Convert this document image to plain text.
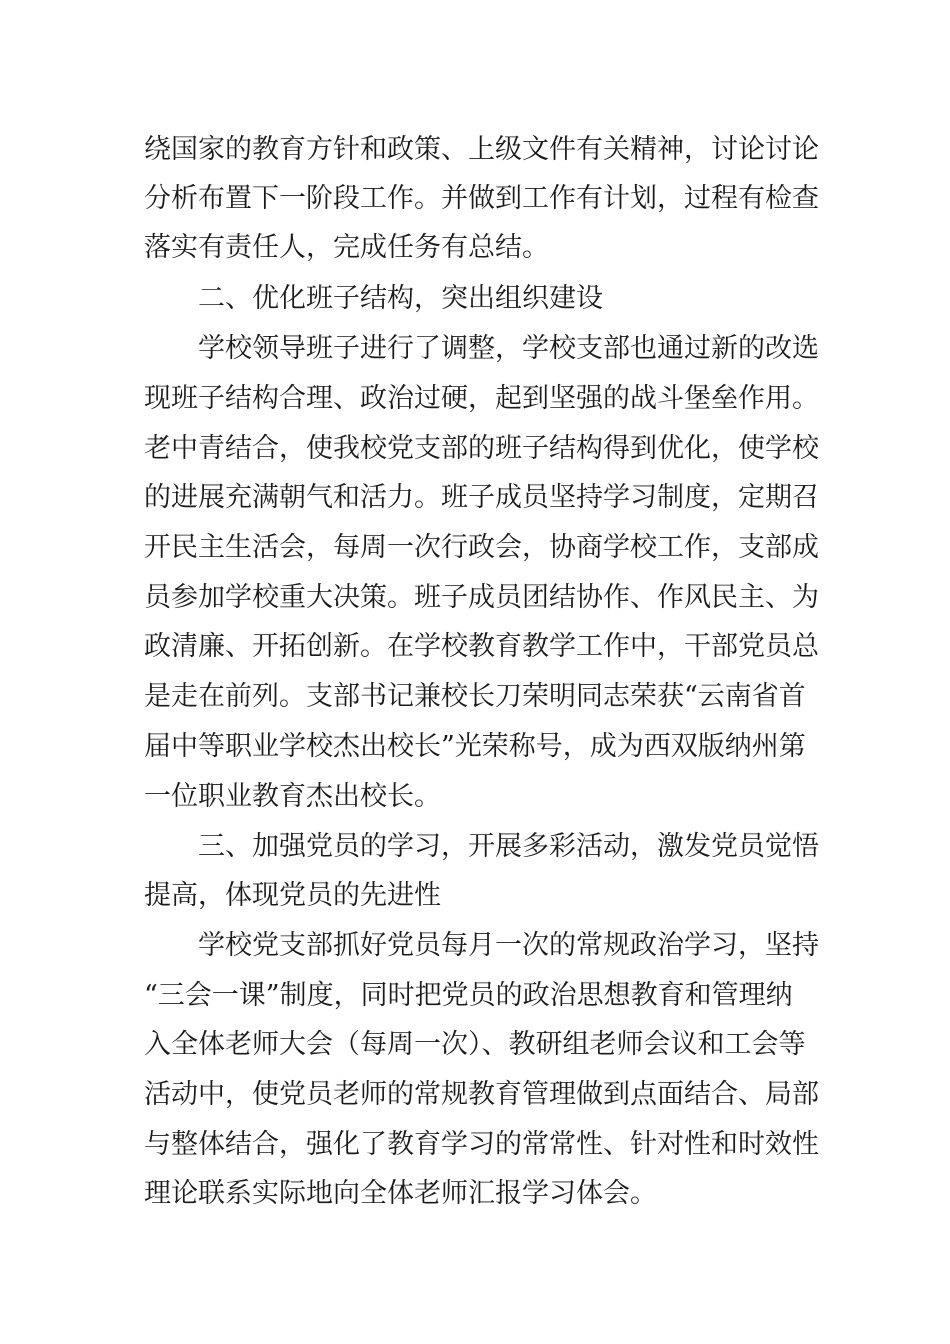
绕国家的教育方针和政策、上级文件有关精神，讨论讨论
分析布置下一阶段工作。并做到工作有计划，过程有检查
落实有责任人，完成任务有总结。
二、优化班子结构，突出组织建设
学校领导班子进行了调整，学校支部也通过新的改选
现班子结构合理、政治过硬，起到坚强的战斗堡垒作用。
老中青结合，使我校党支部的班子结构得到优化，使学校
的进展充满朝气和活力。班子成员坚持学习制度，定期召
开民主生活会，每周一次行政会，协商学校工作，支部成
员参加学校重大决策。班子成员团结协作、作风民主、为
政清廉、开拓创新。在学校教育教学工作中，干部党员总
是走在前列。支部书记兼校长刀荣明同志荣获“云南省首
届中等职业学校杰出校长”光荣称号，成为西双版纳州第
一位职业教育杰出校长。
三、加强党员的学习，开展多彩活动，激发党员觉悟
提高，体现党员的先进性
学校党支部抓好党员每月一次的常规政治学习，坚持
“三会一课”制度，同时把党员的政治思想教育和管理纳
入全体老师大会（每周一次）、教研组老师会议和工会等
活动中，使党员老师的常规教育管理做到点面结合、局部
与整体结合，强化了教育学习的常常性、针对性和时效性
理论联系实际地向全体老师汇报学习体会。
